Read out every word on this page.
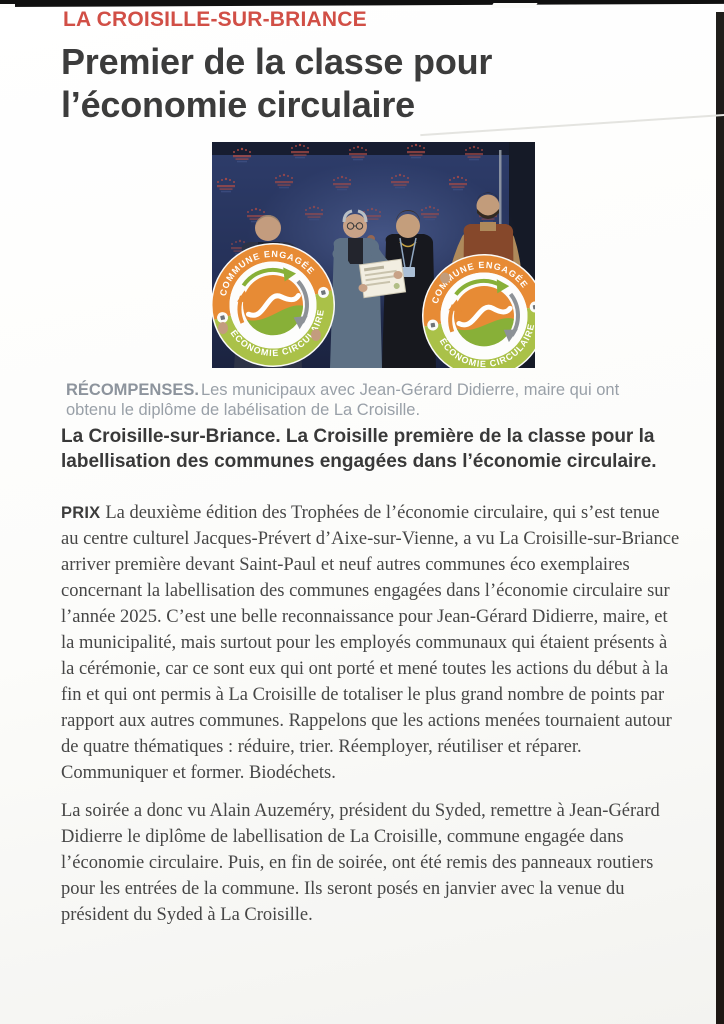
LA CROISILLE-SUR-BRIANCE
Premier de la classe pour
l’économie circulaire
RÉCOMPENSES. Les municipaux avec Jean-Gérard Didierre, maire qui ont obtenu le diplôme de labélisation de La Croisille.

La Croisille-sur-Briance. La Croisille première de la classe pour la labellisation des communes engagées dans l’économie circulaire.

PRIX La deuxième édition des Trophées de l’économie circulaire, qui s’est tenue au centre culturel Jacques-Prévert d’Aixe-sur-Vienne, a vu La Croisille-sur-Briance arriver première devant Saint-Paul et neuf autres communes éco exemplaires concernant la labellisation des communes engagées dans l’économie circulaire sur l’année 2025. C’est une belle reconnaissance pour Jean-Gérard Didierre, maire, et la municipalité, mais surtout pour les employés communaux qui étaient présents à la cérémonie, car ce sont eux qui ont porté et mené toutes les actions du début à la fin et qui ont permis à La Croisille de totaliser le plus grand nombre de points par rapport aux autres communes. Rappelons que les actions menées tournaient autour de quatre thématiques : réduire, trier. Réemployer, réutiliser et réparer. Communiquer et former. Biodéchets.

La soirée a donc vu Alain Auzeméry, président du Syded, remettre à Jean-Gérard Didierre le diplôme de labellisation de La Croisille, commune engagée dans l’économie circulaire. Puis, en fin de soirée, ont été remis des panneaux routiers pour les entrées de la commune. Ils seront posés en janvier avec la venue du président du Syded à La Croisille.
